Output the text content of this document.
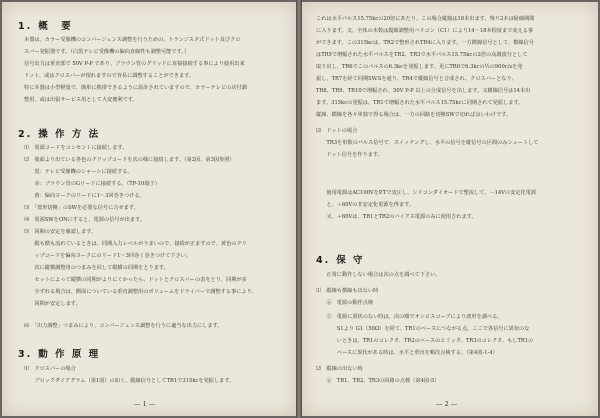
1. 概　要

本器は、カラー受像機のコンバージェンス調整を行うための、トランジスタ式ドット及びクロ

スバー発振器です。（白黒テレビ受像機の偏向直線性も調整可能です。）

信号出力は垂直部で 50V P-P であり、ブラウン管のグリッドに直接接続する事により使用出来

ドット、或はクロスバーが現れますので容易に調整することができます。

特に本器は小型軽量で、簡単に携帯できるように設計されていますので、カラーテレビの店付調

整用、或は出張サービス用として大変便利です。

2. 操 作 方 法

⑴　電源コードをコンセントに接続します。

⑵　後面より出ている各色のクリップコードを次の様に接続します。（第2図、第3図参照）

　　黒：テレビ受像機のシャーシに接続する。

　　赤：ブラウン管のGリードに接続する。（TP-10端子）

　　黄：偏向ヨークのリードに1～3回巻きつける。

⑶　「置形切換」のSWを必要な信号に合せます。

⑷　電源SWをONにすると、電源の信号が出ます。

⑸　同期の安定を確認します。

　　縦も横も流れているときは、同期入力レベルがうまいので、接続が正ますので、黄色のクリ

　　ップコードを偏向ヨークにのリード1～3回巻く巻きつけて下さい。

　　次に縦横調整用のつまみを回して縦横の同期をとります。

　　セットによって縦横の同期がよりにくかったら、ドットとクロスバーの表をとり、同期が多

　　少ずれる場合は、側面についている垂直調整用のボリュームをドライバーで調整する事により、

　　同期が安定します。

⑹　「出力調整」つまみにより、コンバージェンス調整を行うに適当な出力にします。

3. 動 作 原 理

⑴　クロスバーの場合

　　ブロックダイアグラム（第1図）の如く、縦線信号としてTR1で315kcを発振します。

— 1 —

これは水平パルス15.75kcの20倍にあたり、この場合縦線は18本出ます。残り2本は帰線期間

に入ります。又、全体の本数は縦線調整用バリコン（C1）により14～18本程度まで変える事

ができます。この315kcは、TR2で整形されTR4に入ります。一方横線信号として、横線信号

はTR5で増幅された水平パルスをTR2、TR3で水平パルス15.75kcの2倍の高調波分として

取り出し、TR6でこのパルスの6.3kcを発振します。更にTR6で6.3kcの½の900c/sを発

振し、TR7を経て同期SW.Sを通り、TR4で縦線信号と合成され、クロスバーとなり、

TR8、TR9、TR10で増幅され、50V P-P 以上の合成信号を出します。又横線信号は14本出

ます。315kcの発振は、TR1で増幅された水平パルス15.75kcに同期されて発振します。

縦線、横線を各々単独で得る場合は、一方の回路を切換SWで切れば良いわけです。

⑵　ドットの場合

　　TR3を単数のパルス信号で、スイッチングし、水平の信号を縦信号の区間のみシュートして

　　ドット信号を作ります。

　　使用電源はAC100VをP.Tで変圧し、シリコンダイオードで整流して、－14Vの安定化電源

　　と、＋60Vの非安定化電源を得ます。

　　又、＋60Vは、TR1とTR2のバイアス電源のみに使用されます。

4. 保 守

　　正常に動作しない場合は次の点を調べて下さい。

⑴　縦線も横線も出ない時

　　⑥　電源の動作点検

　　⑤　電源に異状のない時は、次の順でオシロスコープにより波形を調べる。

　　　　S1より G1（50Ω）を経て、TR1のベースにつながる点。ここで各信号に異状のな

　　　　いときは、TR1のコレクタ、TR2のベースのエミッタ、TR3のコレクタ、もしTR1の

　　　　ベースに異状がある時は、水平と垂直を順次点検する。（第4図-1-4）

⑵　縦線の出ない時

　　⑥　TR1、TR2、TR3の回路の点検（第4図-5）

— 2 —
